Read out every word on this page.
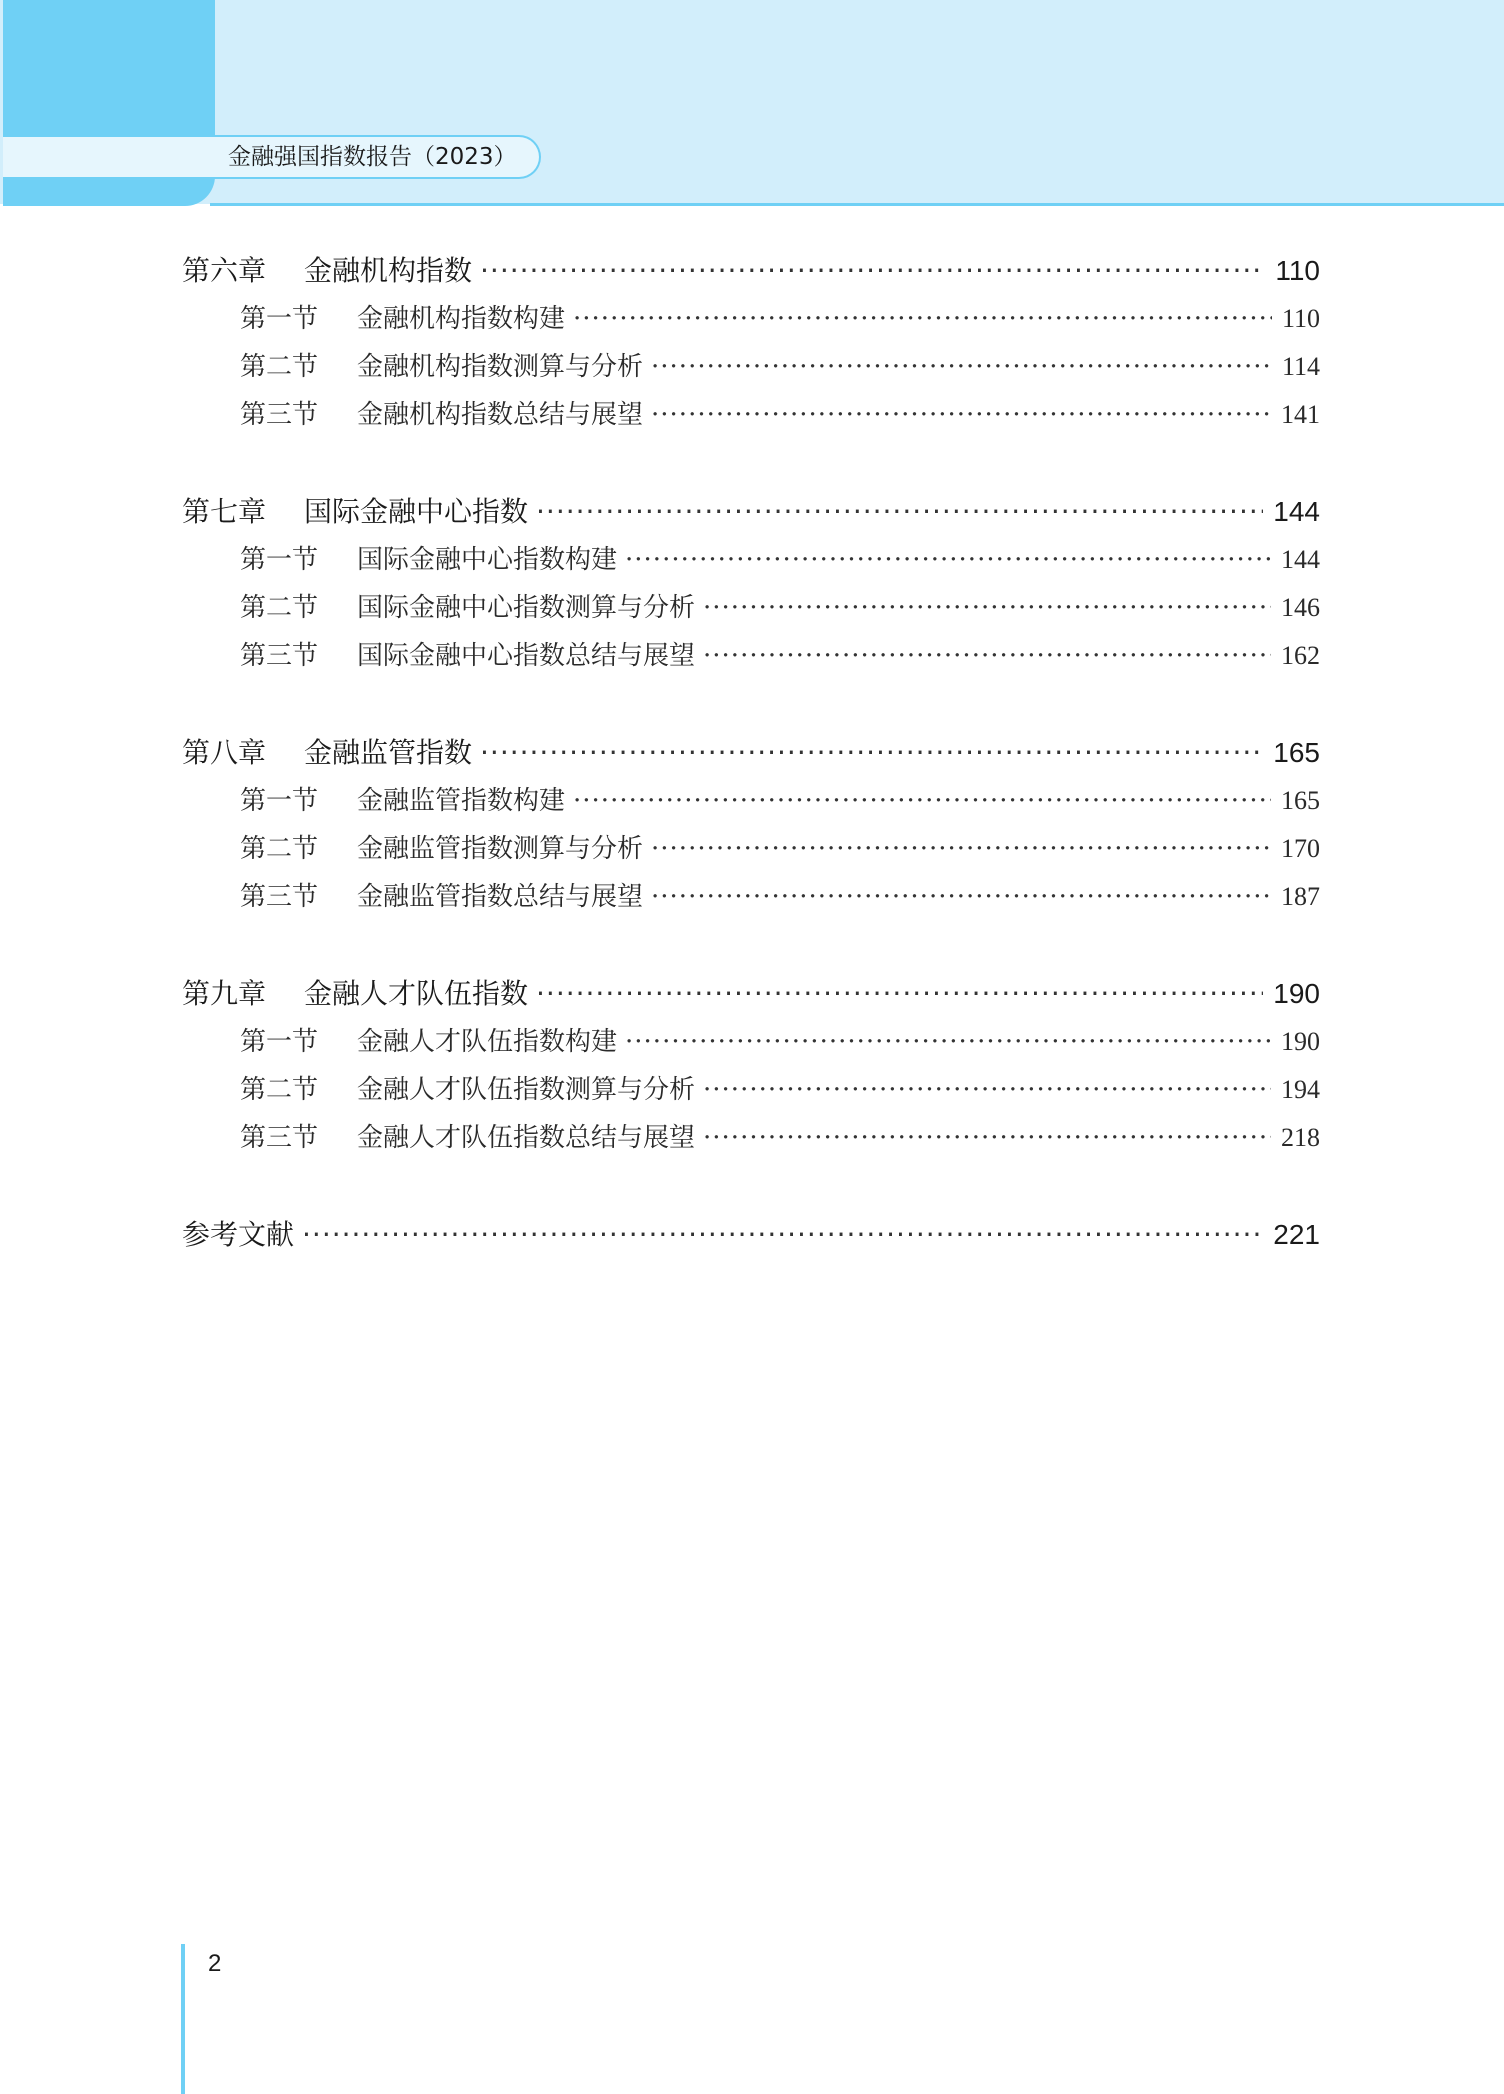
金融强国指数报告（2023）
第六章	金融机构指数 ·····	110
第一节	金融机构指数构建 ·····	110
第二节	金融机构指数测算与分析 ·····	114
第三节	金融机构指数总结与展望 ·····	141
第七章	国际金融中心指数 ·····	144
第一节	国际金融中心指数构建 ·····	144
第二节	国际金融中心指数测算与分析 ·····	146
第三节	国际金融中心指数总结与展望 ·····	162
第八章	金融监管指数 ·····	165
第一节	金融监管指数构建 ·····	165
第二节	金融监管指数测算与分析 ·····	170
第三节	金融监管指数总结与展望 ·····	187
第九章	金融人才队伍指数 ·····	190
第一节	金融人才队伍指数构建 ·····	190
第二节	金融人才队伍指数测算与分析 ·····	194
第三节	金融人才队伍指数总结与展望 ·····	218
参考文献 ·····	221
2
